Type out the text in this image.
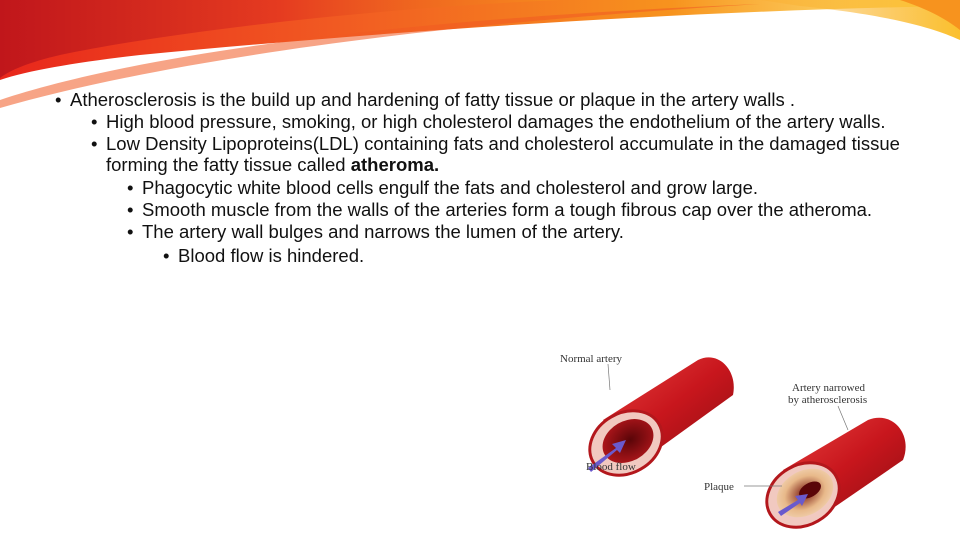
• Atherosclerosis is the build up and hardening of fatty tissue or plaque in the artery walls .

• High blood pressure, smoking, or high cholesterol damages the endothelium of the artery walls.

• Low Density Lipoproteins(LDL) containing fats and cholesterol accumulate in the damaged tissue forming the fatty tissue called atheroma.

• Phagocytic white blood cells engulf the fats and cholesterol and grow large.

• Smooth muscle from the walls of the arteries form a tough fibrous cap over the atheroma.

• The artery wall bulges and narrows the lumen of the artery.

• Blood flow is hindered.

Normal artery
Blood flow
Artery narrowed
by atherosclerosis
Plaque
